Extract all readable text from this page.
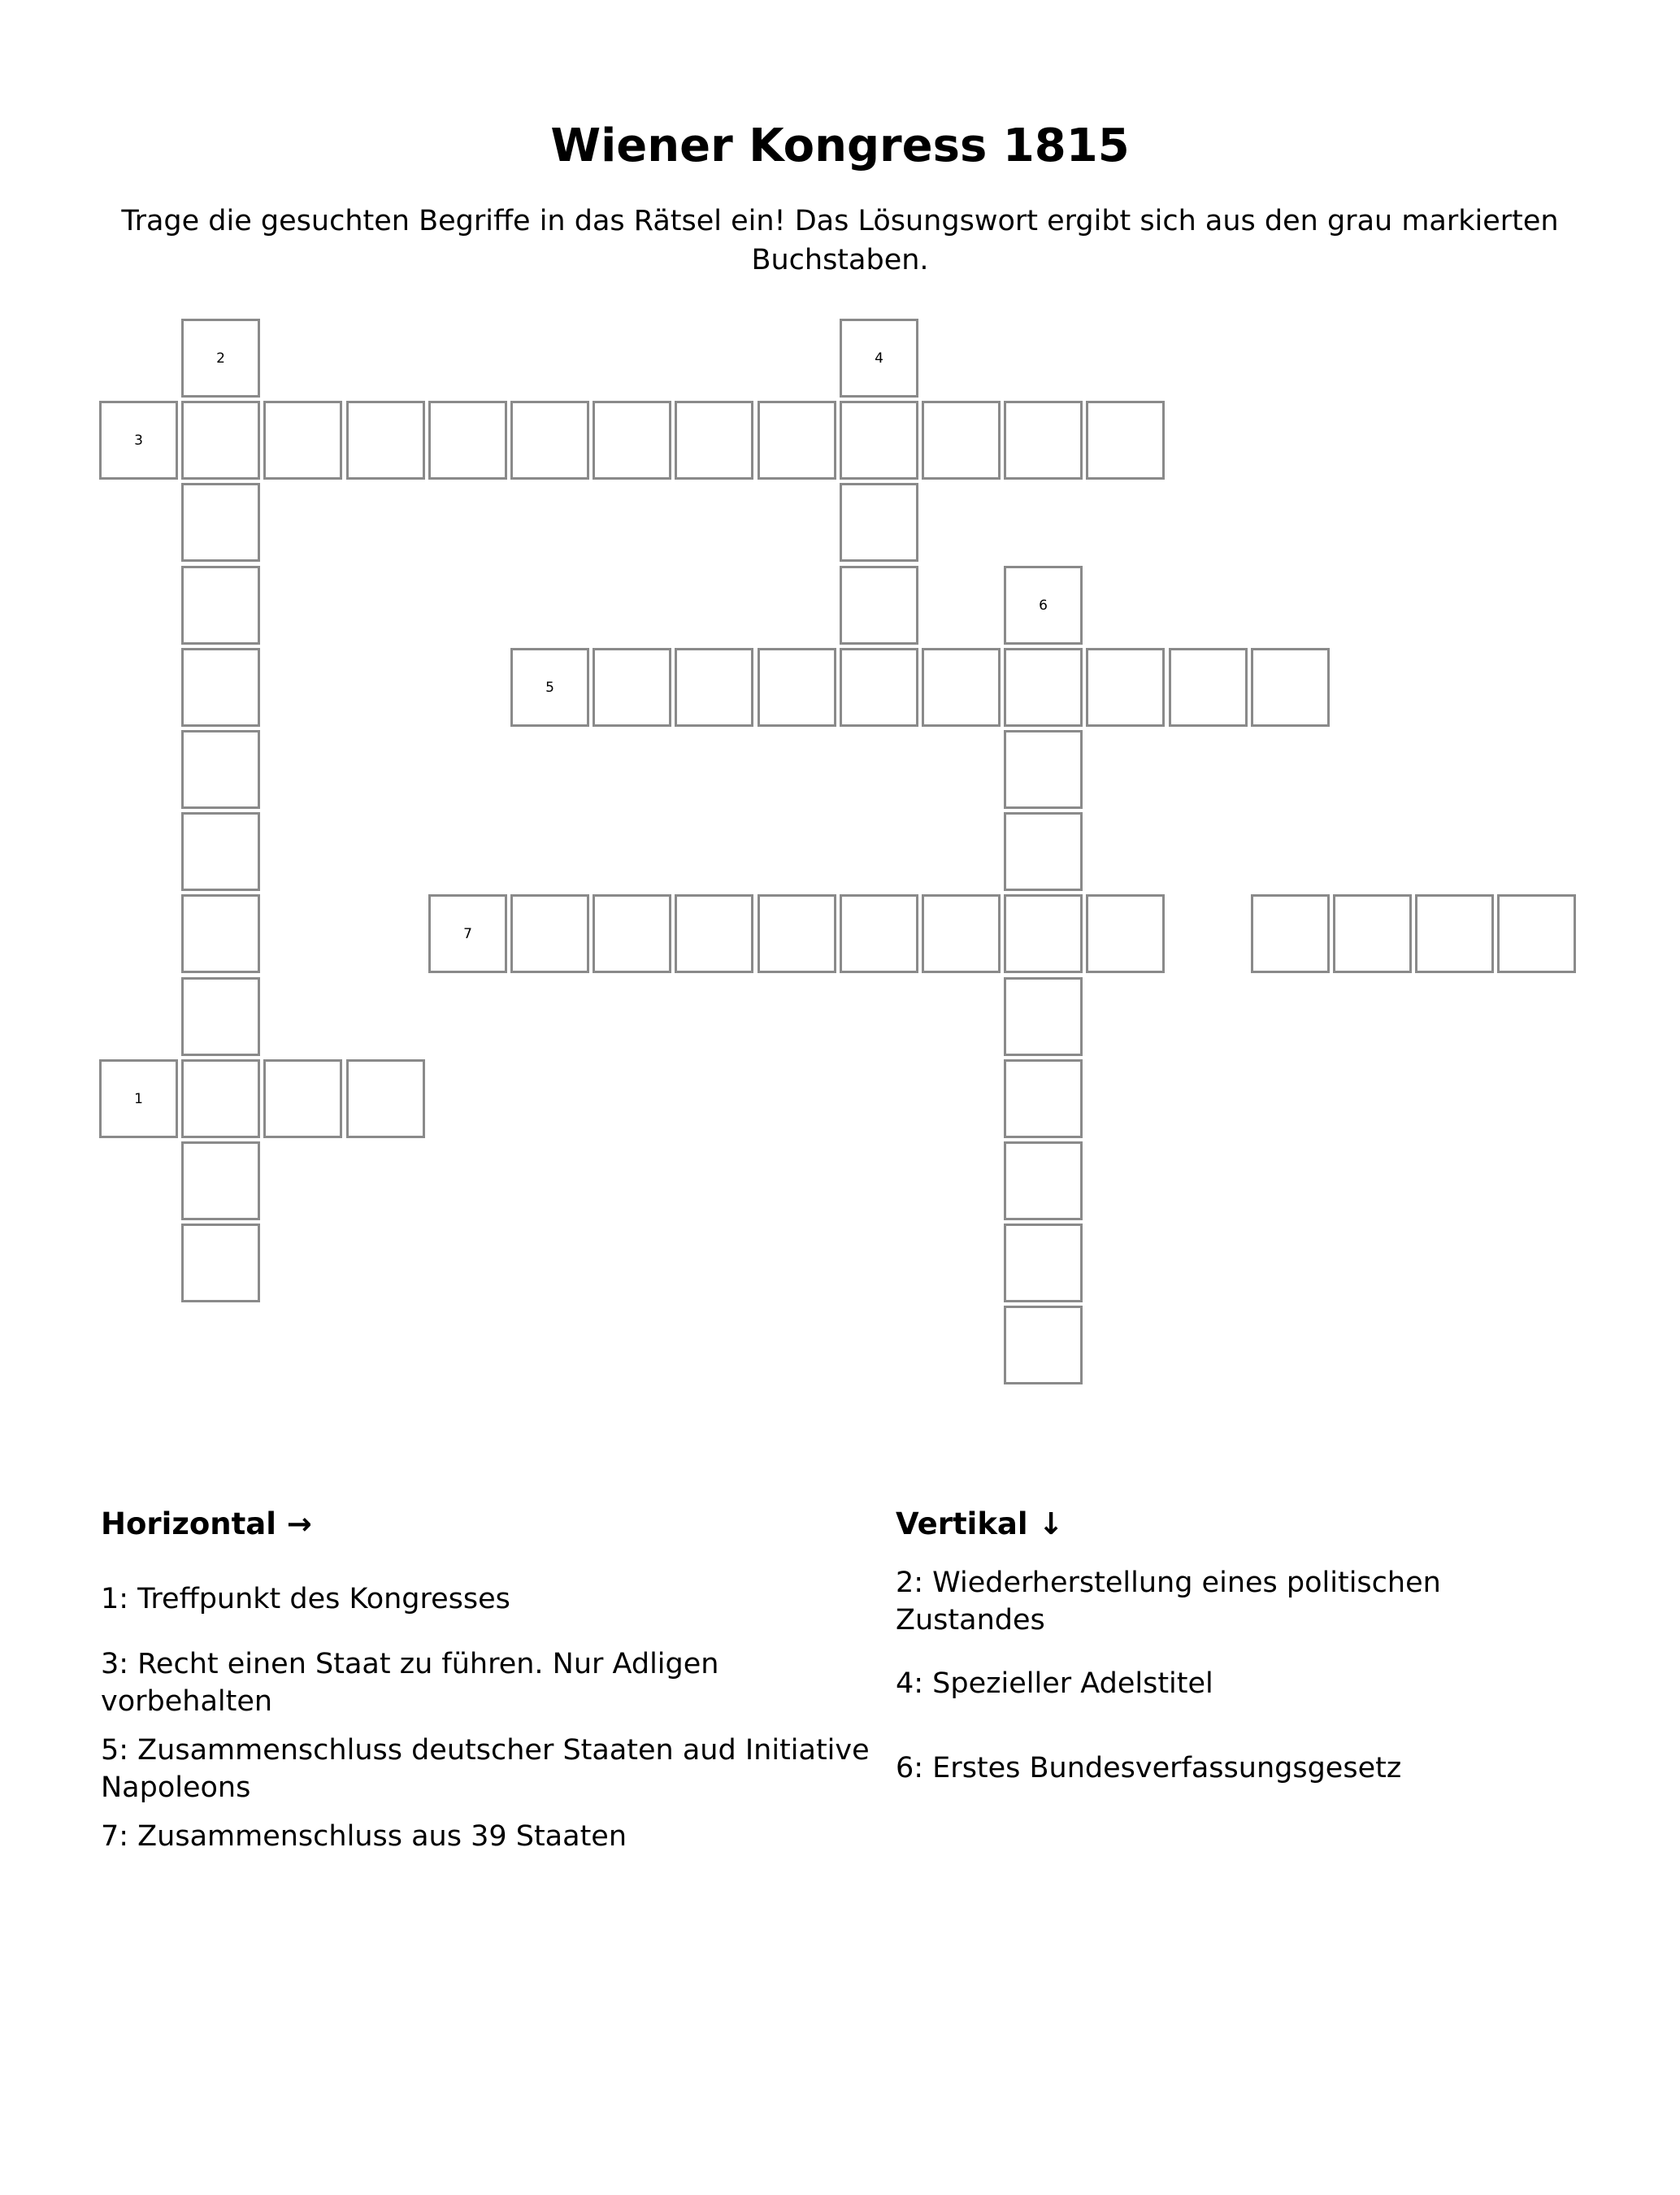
Wiener Kongress 1815
Trage die gesuchten Begriffe in das Rätsel ein! Das Lösungswort ergibt sich aus den grau markierten Buchstaben.
2	4
3
5
6
7
1
Horizontal →
1: Treffpunkt des Kongresses
3: Recht einen Staat zu führen. Nur Adligen vorbehalten
5: Zusammenschluss deutscher Staaten aud Initiative Napoleons
7: Zusammenschluss aus 39 Staaten
Vertikal ↓
2: Wiederherstellung eines politischen Zustandes
4: Spezieller Adelstitel
6: Erstes Bundesverfassungsgesetz
